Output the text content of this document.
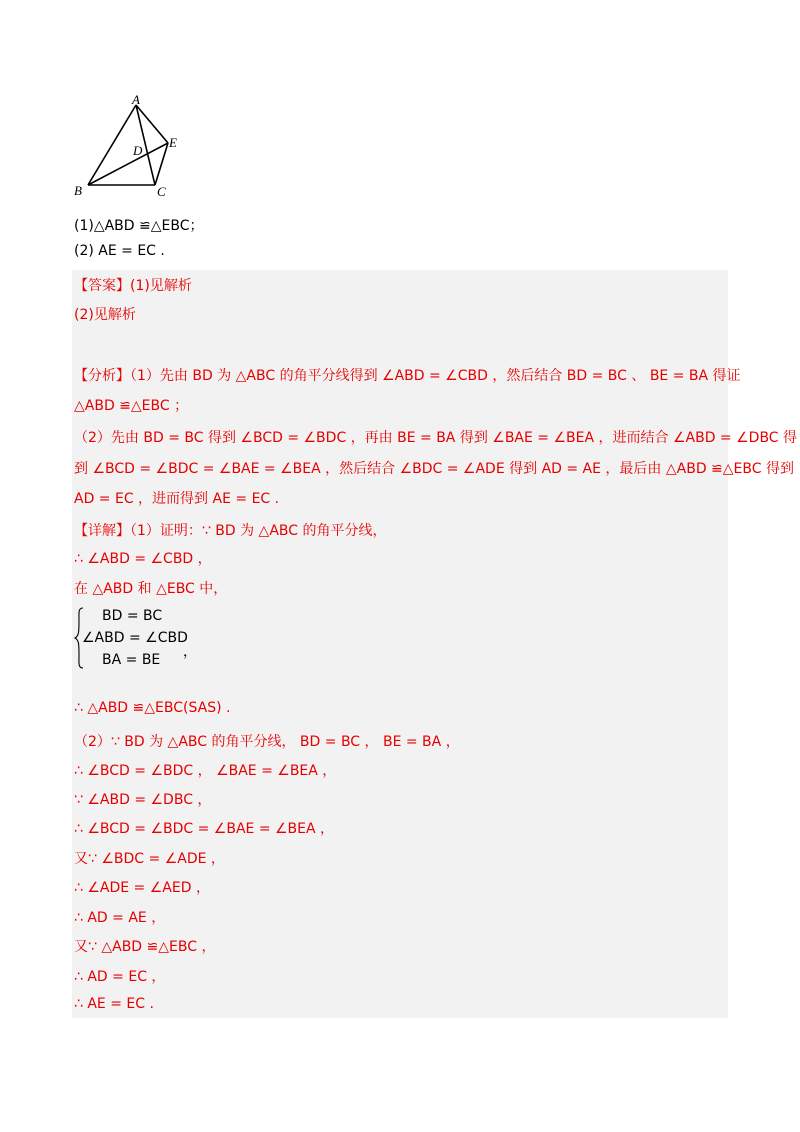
A
B	C
D
E
(1)△ABD ≌△EBC；
(2) AE = EC .
【答案】(1)见解析
(2)见解析
【分析】（1）先由 BD 为 △ABC 的角平分线得到 ∠ABD = ∠CBD ，然后结合 BD = BC 、 BE = BA 得证
△ABD ≌△EBC ；
（2）先由 BD = BC 得到 ∠BCD = ∠BDC ，再由 BE = BA 得到 ∠BAE = ∠BEA ，进而结合 ∠ABD = ∠DBC 得
到 ∠BCD = ∠BDC = ∠BAE = ∠BEA ，然后结合 ∠BDC = ∠ADE 得到 AD = AE ，最后由 △ABD ≌△EBC 得到
AD = EC ，进而得到 AE = EC .
【详解】（1）证明：∵ BD 为 △ABC 的角平分线，
∴ ∠ABD = ∠CBD ，
在 △ABD 和 △EBC 中，
BD = BC
∠ABD = ∠CBD
BA = BE ，
∴ △ABD ≌△EBC(SAS) .
（2）∵ BD 为 △ABC 的角平分线， BD = BC ， BE = BA ，
∴ ∠BCD = ∠BDC ， ∠BAE = ∠BEA ，
∵ ∠ABD = ∠DBC ，
∴ ∠BCD = ∠BDC = ∠BAE = ∠BEA ，
又∵ ∠BDC = ∠ADE ，
∴ ∠ADE = ∠AED ，
∴ AD = AE ，
又∵ △ABD ≌△EBC ，
∴ AD = EC ，
∴ AE = EC .
